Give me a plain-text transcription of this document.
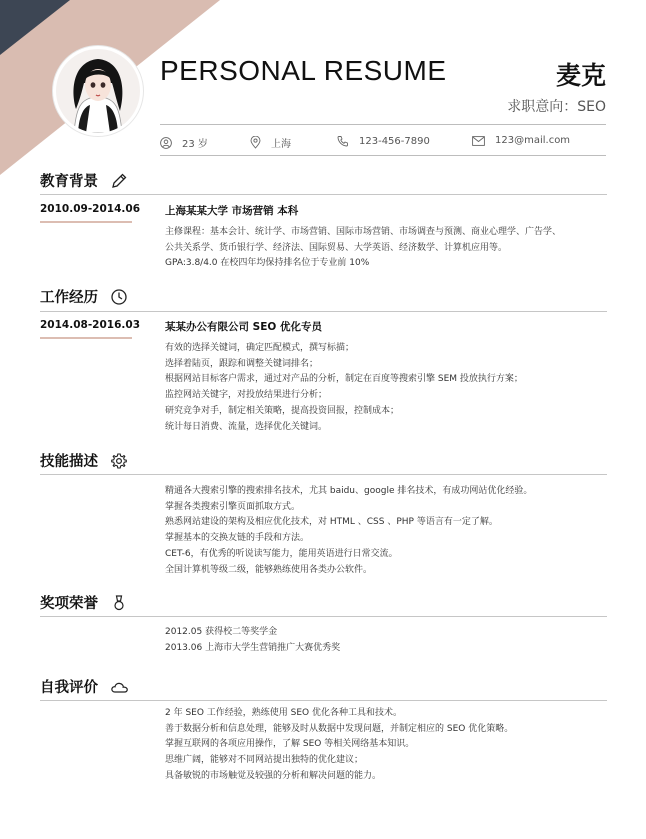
PERSONAL RESUME	麦克
求职意向：SEO
23 岁	上海	123-456-7890	123@mail.com
教育背景
2010.09-2014.06 上海某某大学 市场营销 本科
主修课程：基本会计、统计学、市场营销、国际市场营销、市场调查与预测、商业心理学、广告学、
公共关系学、货币银行学、经济法、国际贸易、大学英语、经济数学、计算机应用等。
GPA:3.8/4.0 在校四年均保持排名位于专业前 10%
工作经历
2014.08-2016.03 某某办公有限公司 SEO 优化专员
有效的选择关键词，确定匹配模式，撰写标描；
选择着陆页，跟踪和调整关键词排名；
根据网站目标客户需求，通过对产品的分析，制定在百度等搜索引擎 SEM 投放执行方案；
监控网站关键字，对投放结果进行分析；
研究竞争对手，制定相关策略，提高投资回报，控制成本；
统计每日消费、流量，选择优化关键词。
技能描述
精通各大搜索引擎的搜索排名技术，尤其 baidu、google 排名技术，有成功网站优化经验。
掌握各类搜索引擎页面抓取方式。
熟悉网站建设的架构及相应优化技术，对 HTML 、CSS 、PHP 等语言有一定了解。
掌握基本的交换友链的手段和方法。
CET-6，有优秀的听说读写能力，能用英语进行日常交流。
全国计算机等级二级，能够熟练使用各类办公软件。
奖项荣誉
2012.05 获得校二等奖学金
2013.06 上海市大学生营销推广大赛优秀奖
自我评价
2 年 SEO 工作经验，熟练使用 SEO 优化各种工具和技术。
善于数据分析和信息处理，能够及时从数据中发现问题，并制定相应的 SEO 优化策略。
掌握互联网的各项应用操作，了解 SEO 等相关网络基本知识。
思维广阔，能够对不同网站提出独特的优化建议；
具备敏锐的市场触觉及较强的分析和解决问题的能力。
